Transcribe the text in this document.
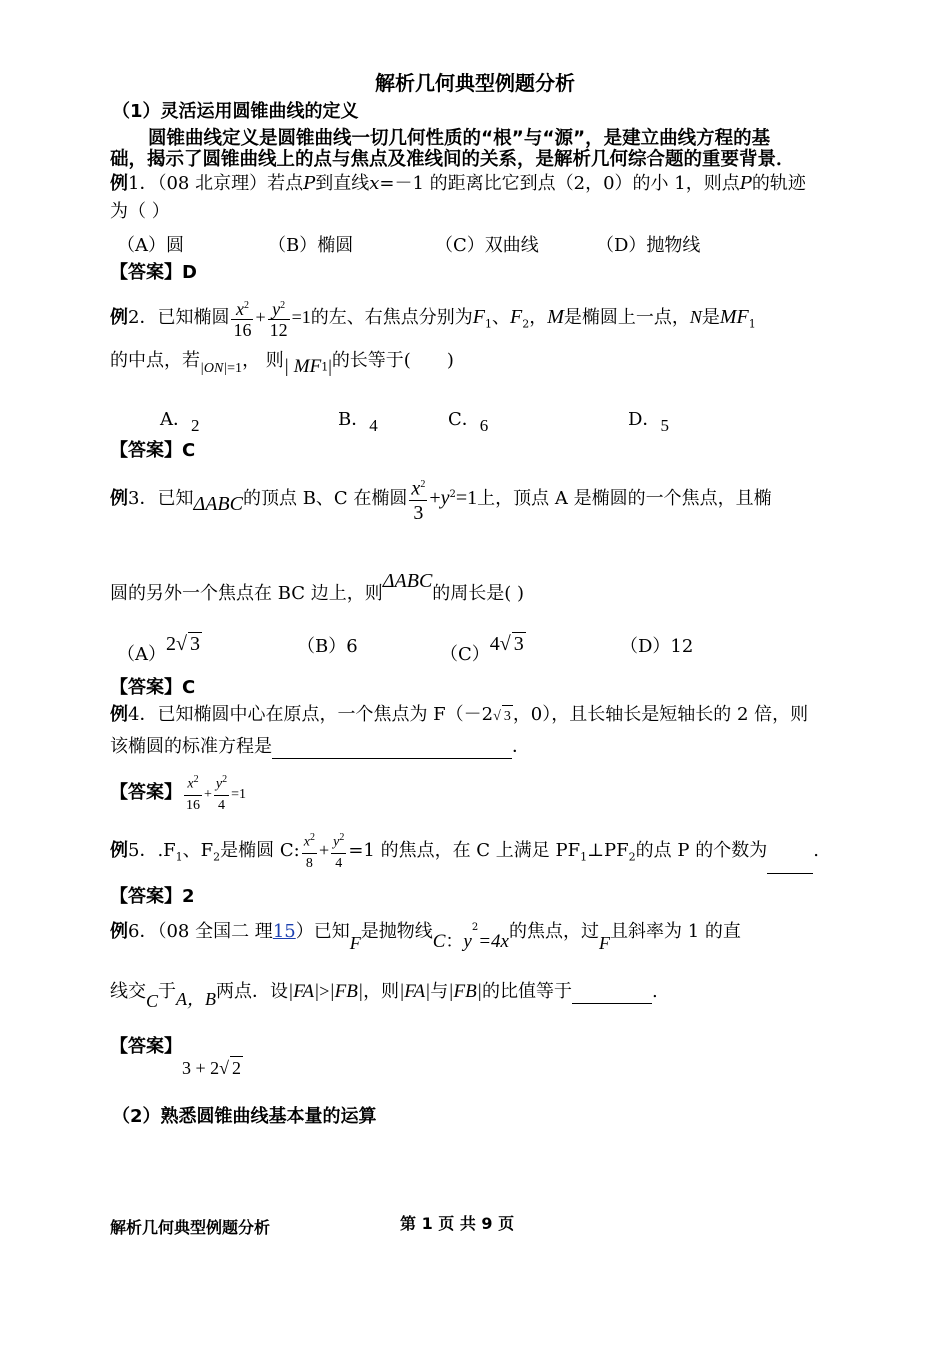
解析几何典型例题分析
（1）灵活运用圆锥曲线的定义
圆锥曲线定义是圆锥曲线一切几何性质的“根”与“源”，是建立曲线方程的基
础，揭示了圆锥曲线上的点与焦点及准线间的关系，是解析几何综合题的重要背景．
例1．（08 北京理）若点P到直线x=－1 的距离比它到点（2，0）的小 1，则点P的轨迹
为（ ）
（A）圆	（B）椭圆	（C）双曲线	（D）抛物线
【答案】D
例2．已知椭圆 $\frac{x^2}{16} + \frac{y^2}{12} =1$的左、右焦点分别为$F_1$、$F_2$，M是椭圆上一点，N是$MF_1$
的中点，若$_{|ON|=1}$， 则| $MF_1|$的长等于(　　)
A．2	B．4	C．6	D．5
【答案】C
例3．已知ΔABC的顶点 B、C 在椭圆 $\frac{x^2}{3} +y^2=1$上，顶点 A 是椭圆的一个焦点，且椭
圆的另外一个焦点在 BC 边上，则ΔABC的周长是( )
（A）2√ 3	（B）6	（C）4√ 3	（D）12
【答案】C
例4．已知椭圆中心在原点，一个焦点为 F（－2√ 3 ，0），且长轴长是短轴长的 2 倍，则
该椭圆的标准方程是	．
【答案】 $\frac{x^2}{16} + \frac{y^2}{4} =1$
例5．$.F_1$、$F_2$是椭圆 C: $\frac{x^2}{8} + \frac{y^2}{4} =1$ 的焦点，在 C 上满足 $PF_1\perp PF_2$的点 P 的个数为	.
【答案】2
例6．（08 全国二 理15）已知F是抛物线C：$y^2=4x$的焦点，过F且斜率为 1 的直
线交C于A，B两点．设|FA|>|FB|，则|FA|与|FB|的比值等于	.
【答案】3 + 2√ 2
（2）熟悉圆锥曲线基本量的运算
解析几何典型例题分析	第 1 页 共 9 页
